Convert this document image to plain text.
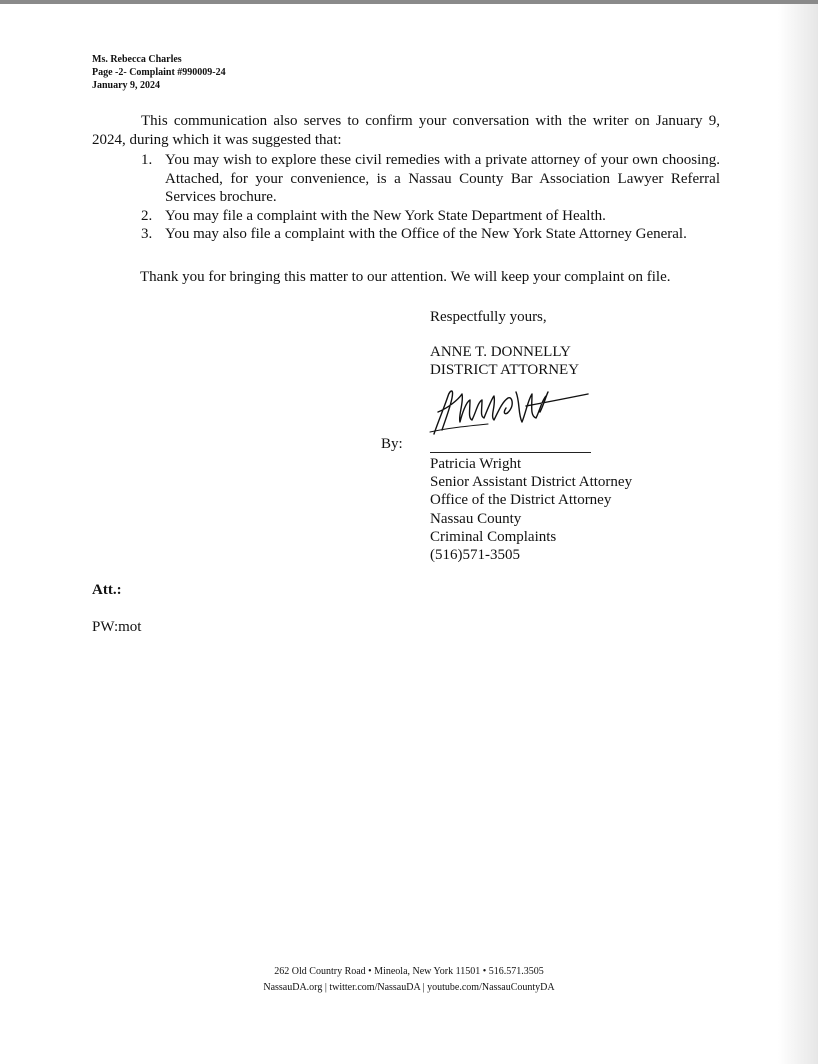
Ms. Rebecca Charles
Page -2- Complaint #990009-24
January 9, 2024
This communication also serves to confirm your conversation with the writer on January 9, 2024, during which it was suggested that:
1. You may wish to explore these civil remedies with a private attorney of your own choosing. Attached, for your convenience, is a Nassau County Bar Association Lawyer Referral Services brochure.
2. You may file a complaint with the New York State Department of Health.
3. You may also file a complaint with the Office of the New York State Attorney General.
Thank you for bringing this matter to our attention. We will keep your complaint on file.
Respectfully yours,
ANNE T. DONNELLY
DISTRICT ATTORNEY
By:
Patricia Wright
Senior Assistant District Attorney
Office of the District Attorney
Nassau County
Criminal Complaints
(516)571-3505
Att.:
PW:mot
262 Old Country Road • Mineola, New York 11501 • 516.571.3505
NassauDA.org | twitter.com/NassauDA | youtube.com/NassauCountyDA
